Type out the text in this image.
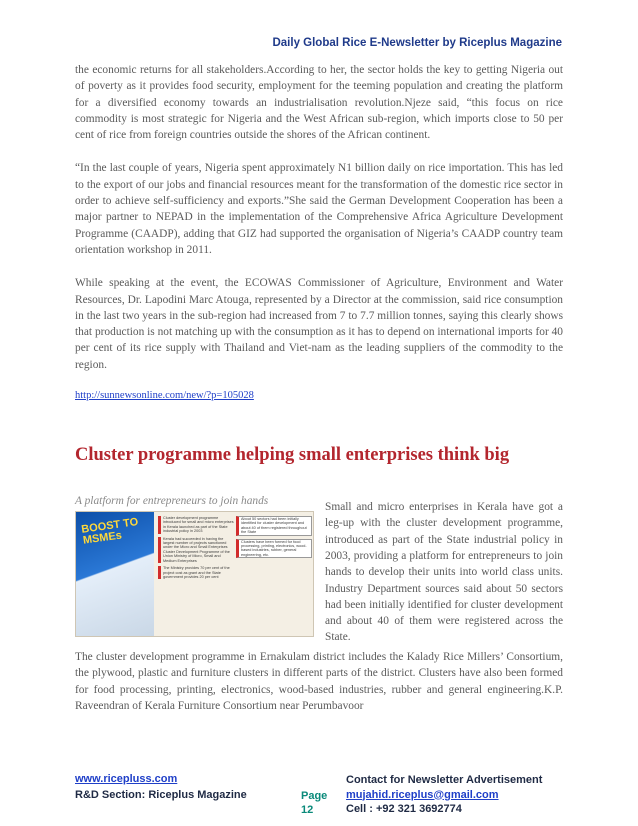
Daily Global Rice E-Newsletter by Riceplus Magazine

the economic returns for all stakeholders.According to her, the sector holds the key to getting Nigeria out of poverty as it provides food security, employment for the teeming population and creating the platform for a diversified economy towards an industrialisation revolution.Njeze said, “this focus on rice commodity is most strategic for Nigeria and the West African sub-region, which imports close to 50 per cent of rice from foreign countries outside the shores of the African continent.

“In the last couple of years, Nigeria spent approximately N1 billion daily on rice importation. This has led to the export of our jobs and financial resources meant for the transformation of the domestic rice sector in order to achieve self-sufficiency and exports.”She said the German Development Cooperation has been a major partner to NEPAD in the implementation of the Comprehensive Africa Agriculture Development Programme (CAADP), adding that GIZ had supported the organisation of Nigeria’s CAADP country team orientation workshop in 2011.

While speaking at the event, the ECOWAS Commissioner of Agriculture, Environment and Water Resources, Dr. Lapodini Marc Atouga, represented by a Director at the commission, said rice consumption in the last two years in the sub-region had increased from 7 to 7.7 million tonnes, saying this clearly shows that production is not matching up with the consumption as it has to depend on international imports for 40 per cent of its rice supply with Thailand and Viet-nam as the leading suppliers of the commodity to the region.

http://sunnewsonline.com/new/?p=105028
Cluster programme helping small enterprises think big
A platform for entrepreneurs to join hands
BOOST TO MSMEs
Cluster development programme introduced for small and micro enterprises in Kerala launched as part of the State industrial policy in 2003
Kerala had succeeded in having the largest number of projects sanctioned under the Micro and Small Enterprises Cluster Development Programme of the Union Ministry of Micro, Small and Medium Enterprises
The Ministry provides 70 per cent of the project cost as grant and the State government provides 20 per cent
About 50 sectors had been initially identified for cluster development and about 40 of them registered throughout the State
Clusters have been formed for food processing, printing, electronics, wood-based industries, rubber, general engineering, etc.
Small and micro enterprises in Kerala have got a leg-up with the cluster development programme, introduced as part of the State industrial policy in 2003, providing a platform for entrepreneurs to join hands to develop their units into world class units. Industry Department sources said about 50 sectors had been initially identified for cluster development and about 40 of them were registered across the State.

The cluster development programme in Ernakulam district includes the Kalady Rice Millers’ Consortium, the plywood, plastic and furniture clusters in different parts of the district. Clusters have also been formed for food processing, printing, electronics, wood-based industries, rubber and general engineering.K.P. Raveendran of Kerala Furniture Consortium near Perumbavoor

www.ricepluss.com
R&D Section: Riceplus Magazine	Page
12
Contact for Newsletter Advertisement
mujahid.riceplus@gmail.com
Cell : +92 321 3692774
